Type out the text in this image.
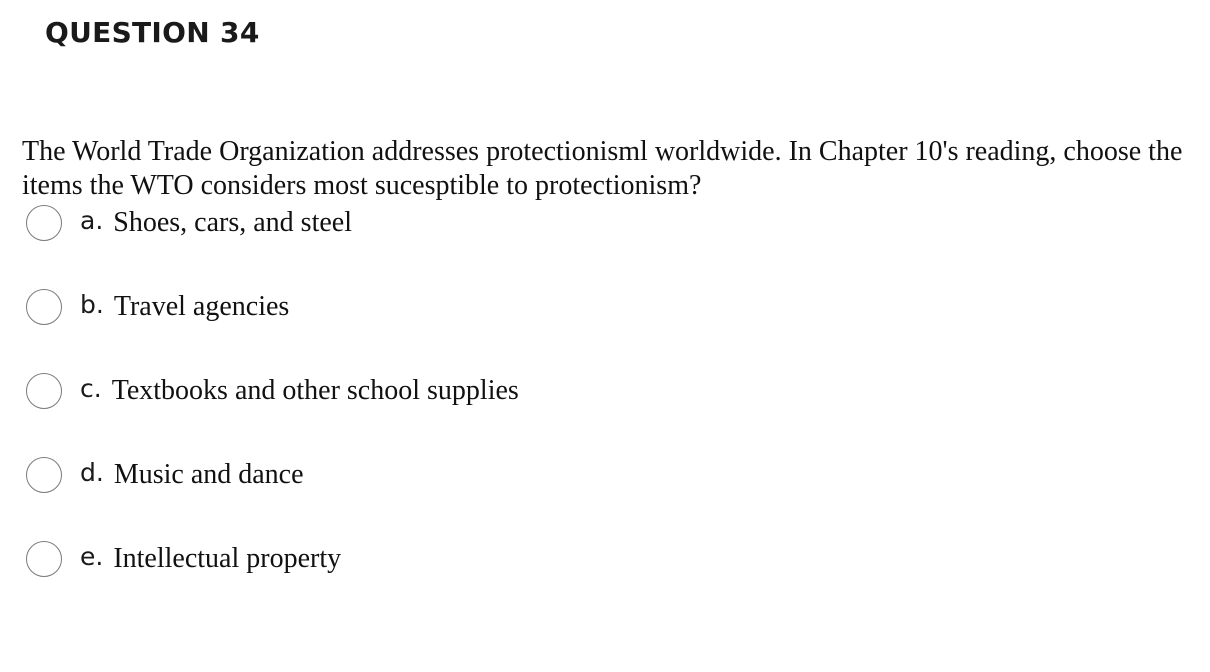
QUESTION 34
The World Trade Organization addresses protectionisml worldwide. In Chapter 10's reading, choose the items the WTO considers most sucesptible to protectionism?
a. Shoes, cars, and steel
b. Travel agencies
c. Textbooks and other school supplies
d. Music and dance
e. Intellectual property
